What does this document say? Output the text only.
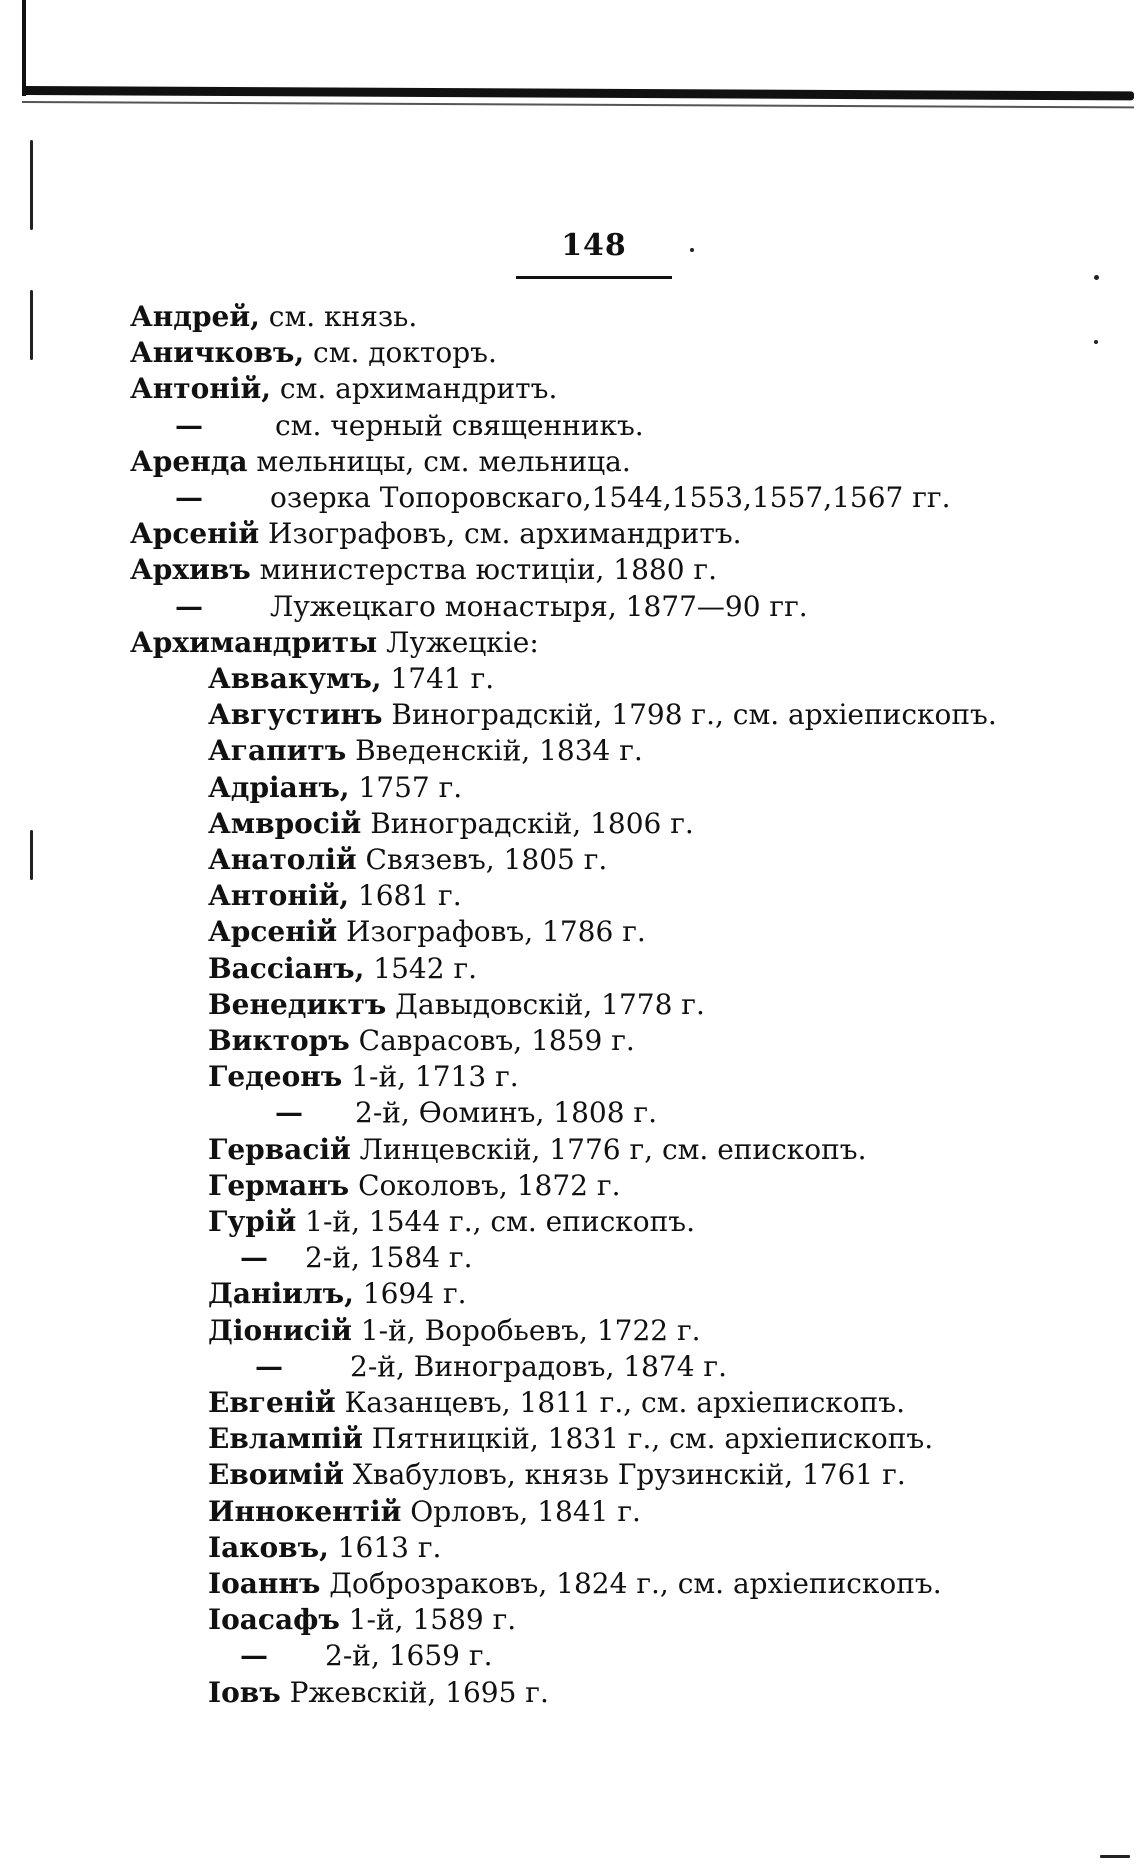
148
Андрей, см. князь.
Аничковъ, см. докторъ.
Антоній, см. архимандритъ.
—	см. черный священникъ.
Аренда мельницы, см. мельница.
— озерка Топоровскаго,1544,1553,1557,1567 гг.
Арсеній Изографовъ, см. архимандритъ.
Архивъ министерства юстиціи, 1880 г.
— Лужецкаго монастыря, 1877—90 гг.
Архимандриты Лужецкіе:
Аввакумъ, 1741 г.
Августинъ Виноградскій, 1798 г., см. архіепископъ.
Агапитъ Введенскій, 1834 г.
Адріанъ, 1757 г.
Амвросій Виноградскій, 1806 г.
Анатолій Связевъ, 1805 г.
Антоній, 1681 г.
Арсеній Изографовъ, 1786 г.
Вассіанъ, 1542 г.
Венедиктъ Давыдовскій, 1778 г.
Викторъ Саврасовъ, 1859 г.
Гедеонъ 1-й, 1713 г.
— 2-й, Өоминъ, 1808 г.
Гервасій Линцевскій, 1776 г, см. епископъ.
Германъ Соколовъ, 1872 г.
Гурій 1-й, 1544 г., см. епископъ.
— 2-й, 1584 г.
Даніилъ, 1694 г.
Діонисій 1-й, Воробьевъ, 1722 г.
— 2-й, Виноградовъ, 1874 г.
Евгеній Казанцевъ, 1811 г., см. архіепископъ.
Евлампій Пятницкій, 1831 г., см. архіепископъ.
Евоимій Хвабуловъ, князь Грузинскій, 1761 г.
Иннокентій Орловъ, 1841 г.
Іаковъ, 1613 г.
Іоаннъ Доброзраковъ, 1824 г., см. архіепископъ.
Іоасафъ 1-й, 1589 г.
— 2-й, 1659 г.
Іовъ Ржевскій, 1695 г.
